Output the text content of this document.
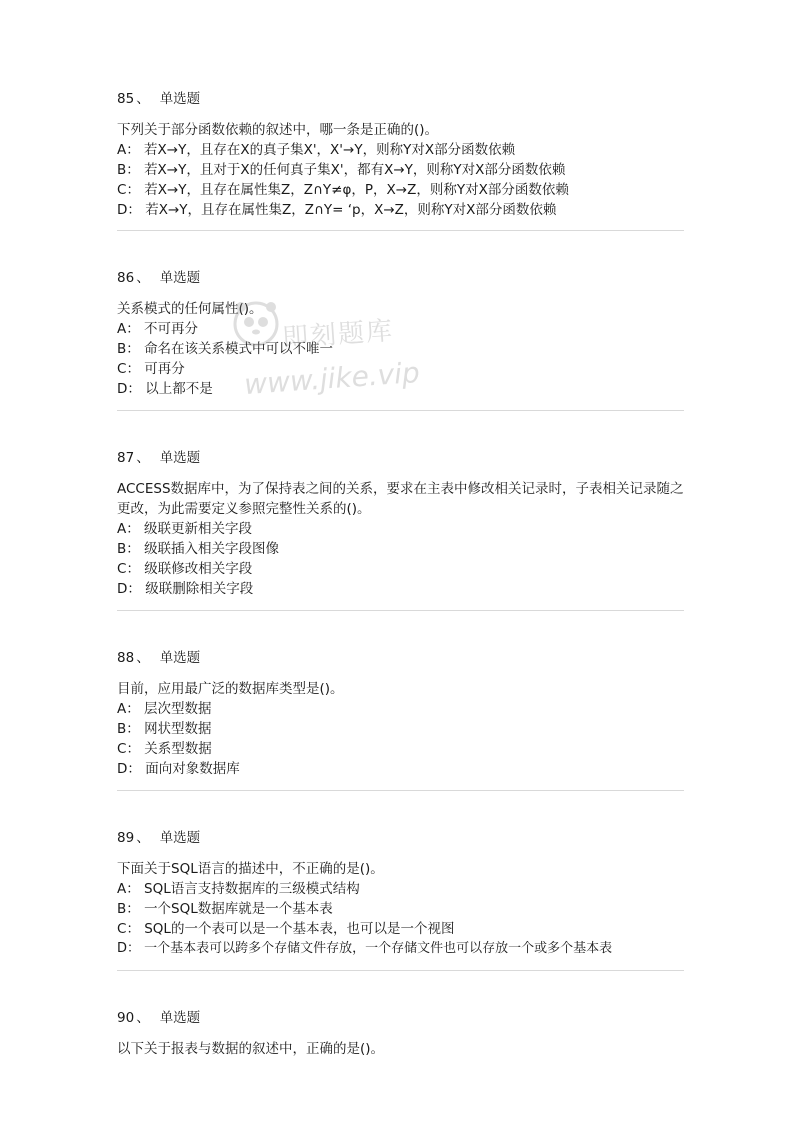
85 、 单选题

下列关于部分函数依赖的叙述中，哪一条是正确的()。

A： 若X→Y，且存在X的真子集X'，X'→Y，则称Y对X部分函数依赖

B： 若X→Y，且对于X的任何真子集X'，都有X→Y，则称Y对X部分函数依赖

C： 若X→Y，且存在属性集Z，Z∩Y≠φ，P，X→Z，则称Y对X部分函数依赖

D： 若X→Y，且存在属性集Z，Z∩Y= ‘p，X→Z，则称Y对X部分函数依赖

86 、 单选题

关系模式的任何属性()。

A： 不可再分

B： 命名在该关系模式中可以不唯一

C： 可再分

D： 以上都不是

87 、 单选题

ACCESS数据库中，为了保持表之间的关系，要求在主表中修改相关记录时，子表相关记录随之更改，为此需要定义参照完整性关系的()。

A： 级联更新相关字段

B： 级联插入相关字段图像

C： 级联修改相关字段

D： 级联删除相关字段

88 、 单选题

目前，应用最广泛的数据库类型是()。

A： 层次型数据

B： 网状型数据

C： 关系型数据

D： 面向对象数据库

89 、 单选题

下面关于SQL语言的描述中，不正确的是()。

A： SQL语言支持数据库的三级模式结构

B： 一个SQL数据库就是一个基本表

C： SQL的一个表可以是一个基本表，也可以是一个视图

D： 一个基本表可以跨多个存储文件存放，一个存储文件也可以存放一个或多个基本表

90 、 单选题

以下关于报表与数据的叙述中，正确的是()。

即刻题库
www.jike.vip
